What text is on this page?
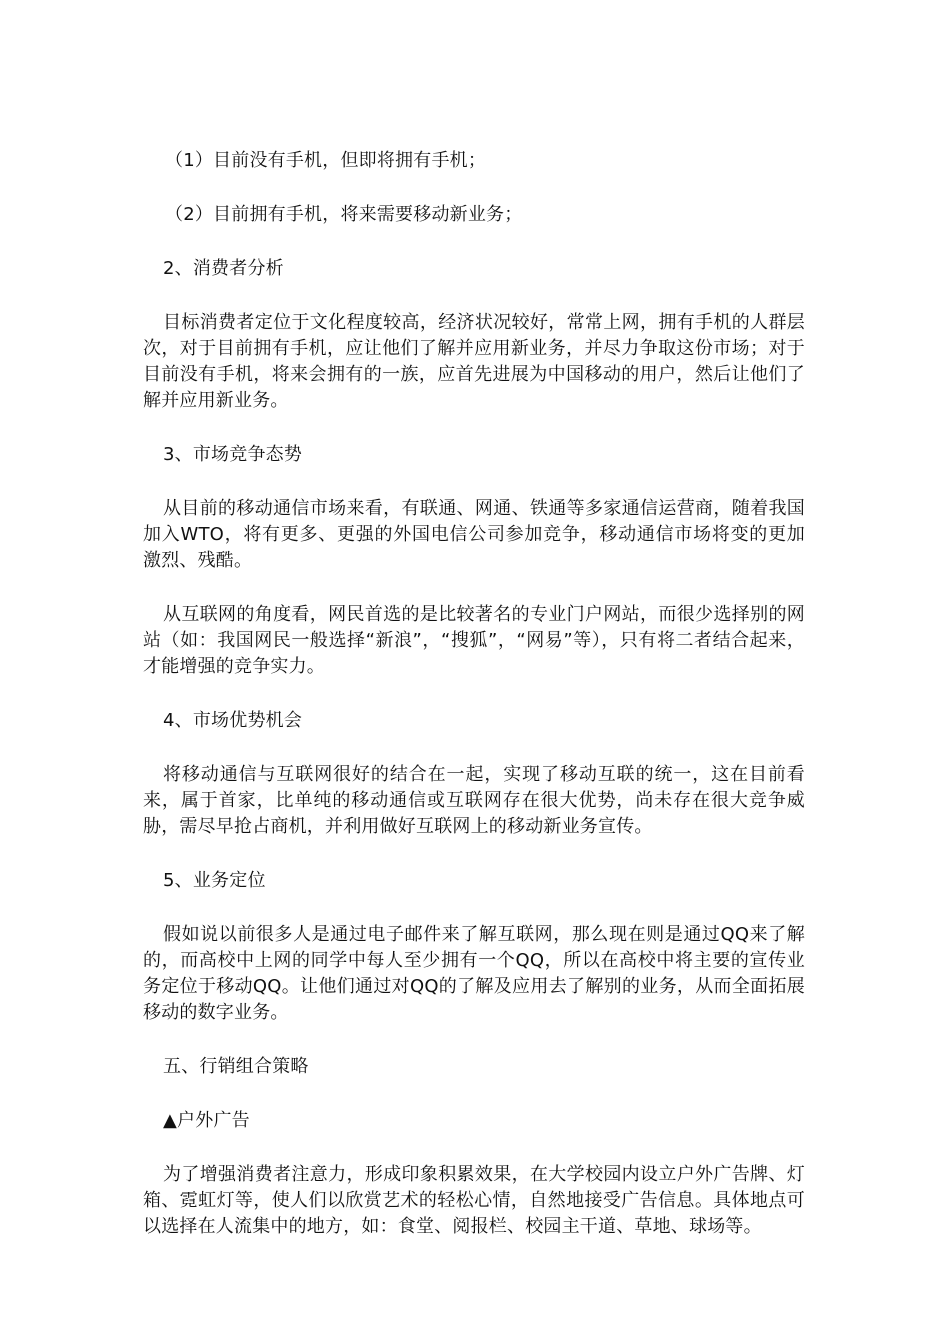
（1）目前没有手机，但即将拥有手机；
（2）目前拥有手机，将来需要移动新业务；
2、消费者分析
目标消费者定位于文化程度较高，经济状况较好，常常上网，拥有手机的人群层次，对于目前拥有手机，应让他们了解并应用新业务，并尽力争取这份市场；对于目前没有手机，将来会拥有的一族，应首先进展为中国移动的用户，然后让他们了解并应用新业务。
3、市场竞争态势
从目前的移动通信市场来看，有联通、网通、铁通等多家通信运营商，随着我国加入WTO，将有更多、更强的外国电信公司参加竞争，移动通信市场将变的更加激烈、残酷。
从互联网的角度看，网民首选的是比较著名的专业门户网站，而很少选择别的网站（如：我国网民一般选择“新浪”，“搜狐”，“网易”等），只有将二者结合起来，才能增强的竞争实力。
4、市场优势机会
将移动通信与互联网很好的结合在一起，实现了移动互联的统一，这在目前看来，属于首家，比单纯的移动通信或互联网存在很大优势，尚未存在很大竞争威胁，需尽早抢占商机，并利用做好互联网上的移动新业务宣传。
5、业务定位
假如说以前很多人是通过电子邮件来了解互联网，那么现在则是通过QQ来了解的，而高校中上网的同学中每人至少拥有一个QQ，所以在高校中将主要的宣传业务定位于移动QQ。让他们通过对QQ的了解及应用去了解别的业务，从而全面拓展移动的数字业务。
五、行销组合策略
▲户外广告
为了增强消费者注意力，形成印象积累效果，在大学校园内设立户外广告牌、灯箱、霓虹灯等，使人们以欣赏艺术的轻松心情，自然地接受广告信息。具体地点可以选择在人流集中的地方，如：食堂、阅报栏、校园主干道、草地、球场等。
